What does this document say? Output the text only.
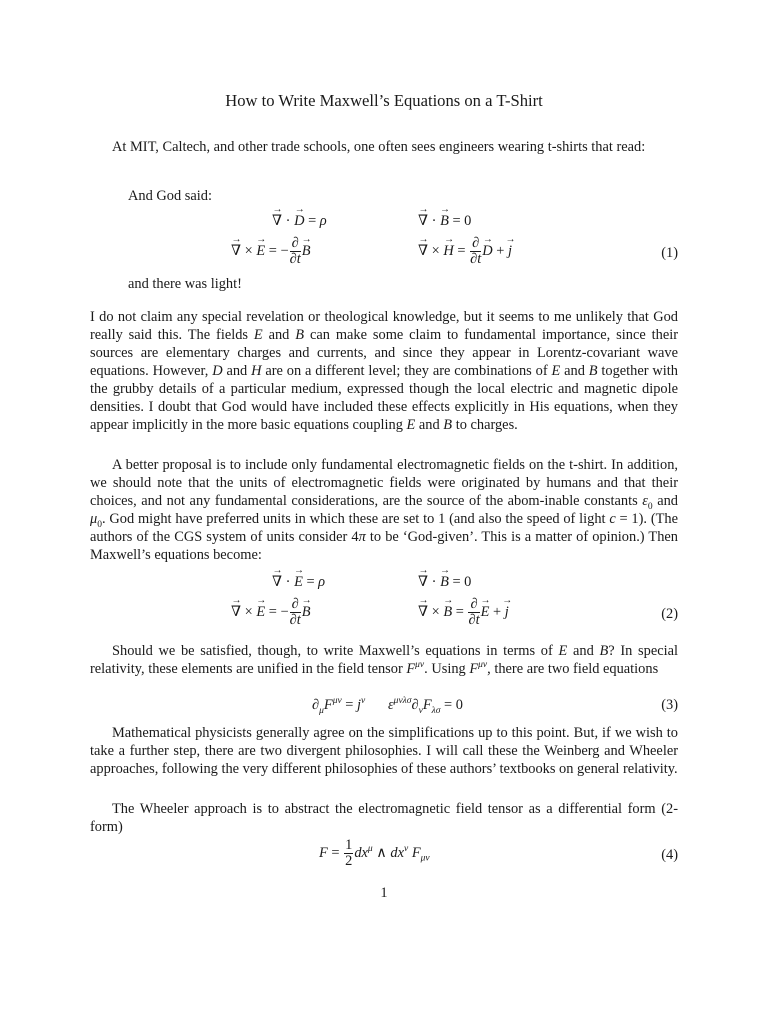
How to Write Maxwell’s Equations on a T-Shirt

At MIT, Caltech, and other trade schools, one often sees engineers wearing t-shirts that read:

And God said:
→ ∇ · → D = ρ
→	∇ · → B = 0
→ ∇ × → E = − $\frac{\partial}{\partial t}$
→ B
→	∇ × → $H = \frac{\partial}{\partial t}$
→ D + → j	(1)
and there was light!

I do not claim any special revelation or theological knowledge, but it seems to me unlikely that God really said this. The fields E and B can make some claim to fundamental importance, since their sources are elementary charges and currents, and since they appear in Lorentz-covariant wave equations. However, D and H are on a different level; they are combinations of E and B together with the grubby details of a particular medium, expressed though the local electric and magnetic dipole densities. I doubt that God would have included these effects explicitly in His equations, when they appear implicitly in the more basic equations coupling E and B to charges.

A better proposal is to include only fundamental electromagnetic fields on the t-shirt. In addition, we should note that the units of electromagnetic fields were originated by humans and that their choices, and not any fundamental considerations, are the source of the abom-inable constants $\varepsilon_0$ and $\mu_0$. God might have preferred units in which these are set to 1 (and also the speed of light c = 1). (The authors of the CGS system of units consider 4π to be ‘God-given’. This is a matter of opinion.) Then Maxwell’s equations become:

→ ∇ · → E = ρ
→	∇ · → B = 0
→ ∇ × → E = − $\frac{\partial}{\partial t}$
→ B
→	∇ × → $B = \frac{\partial}{\partial t}$
→ E + → j	(2)

Should we be satisfied, though, to write Maxwell’s equations in terms of E and B? In special relativity, these elements are unified in the field tensor $F^{\mu\nu}$. Using $F^{\mu\nu}$, there are two field equations

$\partial_\mu F^{\mu\nu} = j^\nu$ $\varepsilon^{\mu\nu\lambda\sigma}\partial_\nu F_{\lambda\sigma} = 0$	(3)

Mathematical physicists generally agree on the simplifications up to this point. But, if we wish to take a further step, there are two divergent philosophies. I will call these the Weinberg and Wheeler approaches, following the very different philosophies of these authors’ textbooks on general relativity.

The Wheeler approach is to abstract the electromagnetic field tensor as a differential form (2-form)

$F = \frac{1}{2} dx^\mu$ ∧ $dx^\nu$ $F_{\mu\nu}$	(4)
1
